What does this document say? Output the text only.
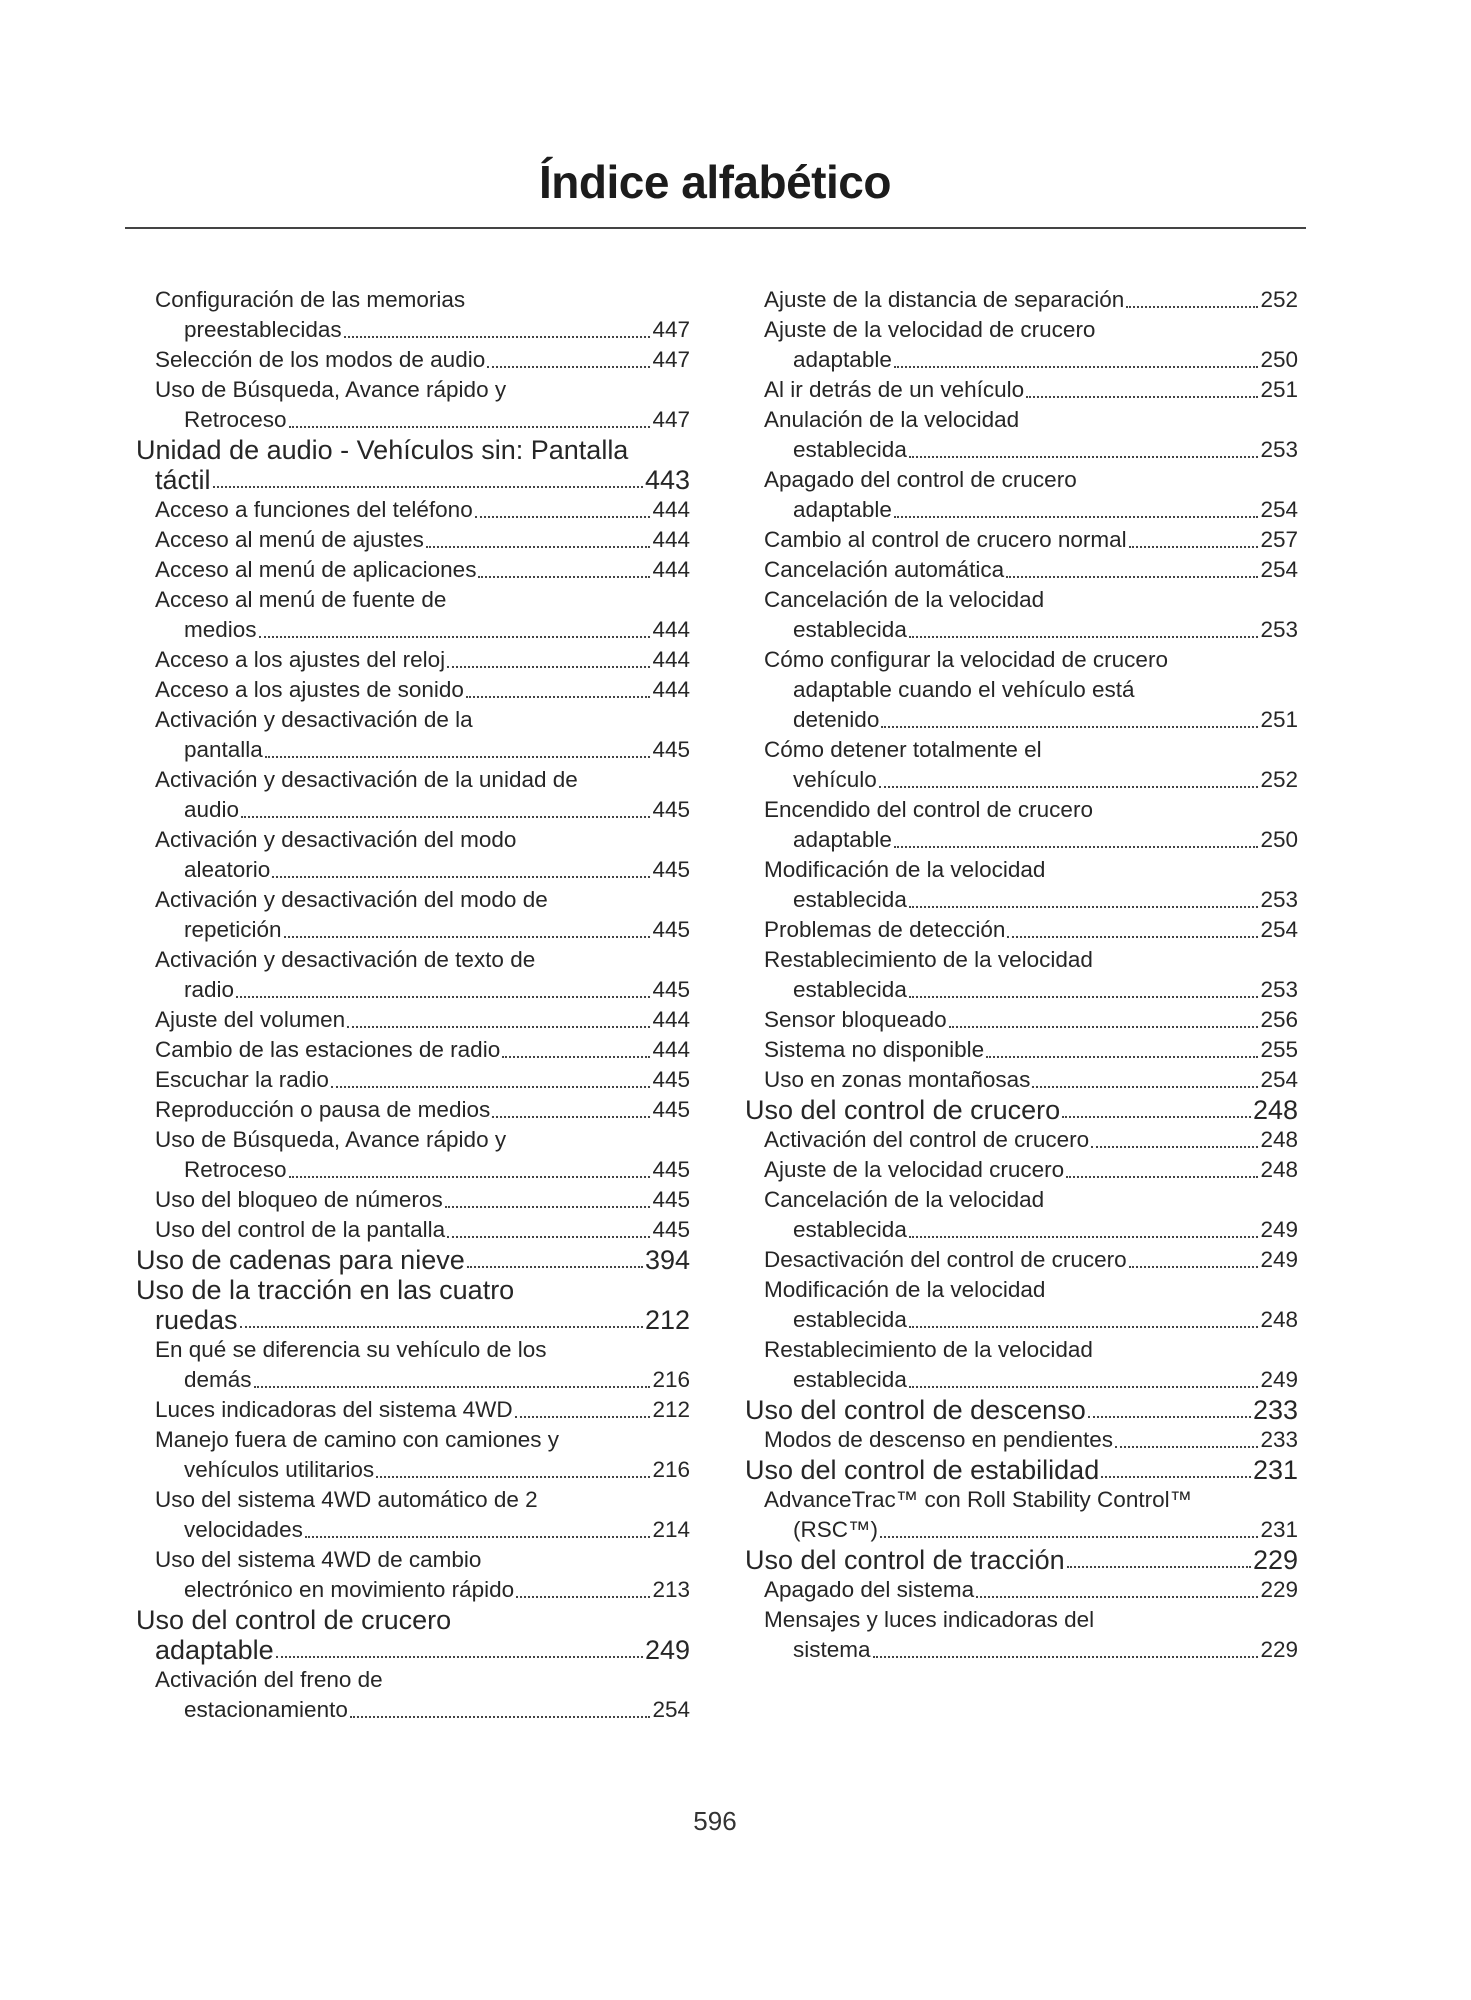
Índice alfabético
Configuración de las memorias
preestablecidas	447
Selección de los modos de audio	447
Uso de Búsqueda, Avance rápido y
Retroceso	447
Unidad de audio - Vehículos sin: Pantalla
táctil	443
Acceso a funciones del teléfono	444
Acceso al menú de ajustes	444
Acceso al menú de aplicaciones	444
Acceso al menú de fuente de
medios	444
Acceso a los ajustes del reloj	444
Acceso a los ajustes de sonido	444
Activación y desactivación de la
pantalla	445
Activación y desactivación de la unidad de
audio	445
Activación y desactivación del modo
aleatorio	445
Activación y desactivación del modo de
repetición	445
Activación y desactivación de texto de
radio	445
Ajuste del volumen	444
Cambio de las estaciones de radio	444
Escuchar la radio	445
Reproducción o pausa de medios	445
Uso de Búsqueda, Avance rápido y
Retroceso	445
Uso del bloqueo de números	445
Uso del control de la pantalla	445
Uso de cadenas para nieve	394
Uso de la tracción en las cuatro
ruedas	212
En qué se diferencia su vehículo de los
demás	216
Luces indicadoras del sistema 4WD	212
Manejo fuera de camino con camiones y
vehículos utilitarios	216
Uso del sistema 4WD automático de 2
velocidades	214
Uso del sistema 4WD de cambio
electrónico en movimiento rápido	213
Uso del control de crucero
adaptable	249
Activación del freno de
estacionamiento	254
Ajuste de la distancia de separación	252
Ajuste de la velocidad de crucero
adaptable	250
Al ir detrás de un vehículo	251
Anulación de la velocidad
establecida	253
Apagado del control de crucero
adaptable	254
Cambio al control de crucero normal	257
Cancelación automática	254
Cancelación de la velocidad
establecida	253
Cómo configurar la velocidad de crucero
adaptable cuando el vehículo está
detenido	251
Cómo detener totalmente el
vehículo	252
Encendido del control de crucero
adaptable	250
Modificación de la velocidad
establecida	253
Problemas de detección	254
Restablecimiento de la velocidad
establecida	253
Sensor bloqueado	256
Sistema no disponible	255
Uso en zonas montañosas	254
Uso del control de crucero	248
Activación del control de crucero	248
Ajuste de la velocidad crucero	248
Cancelación de la velocidad
establecida	249
Desactivación del control de crucero	249
Modificación de la velocidad
establecida	248
Restablecimiento de la velocidad
establecida	249
Uso del control de descenso	233
Modos de descenso en pendientes	233
Uso del control de estabilidad	231
AdvanceTrac™ con Roll Stability Control™
(RSC™)	231
Uso del control de tracción	229
Apagado del sistema	229
Mensajes y luces indicadoras del
sistema	229
596
